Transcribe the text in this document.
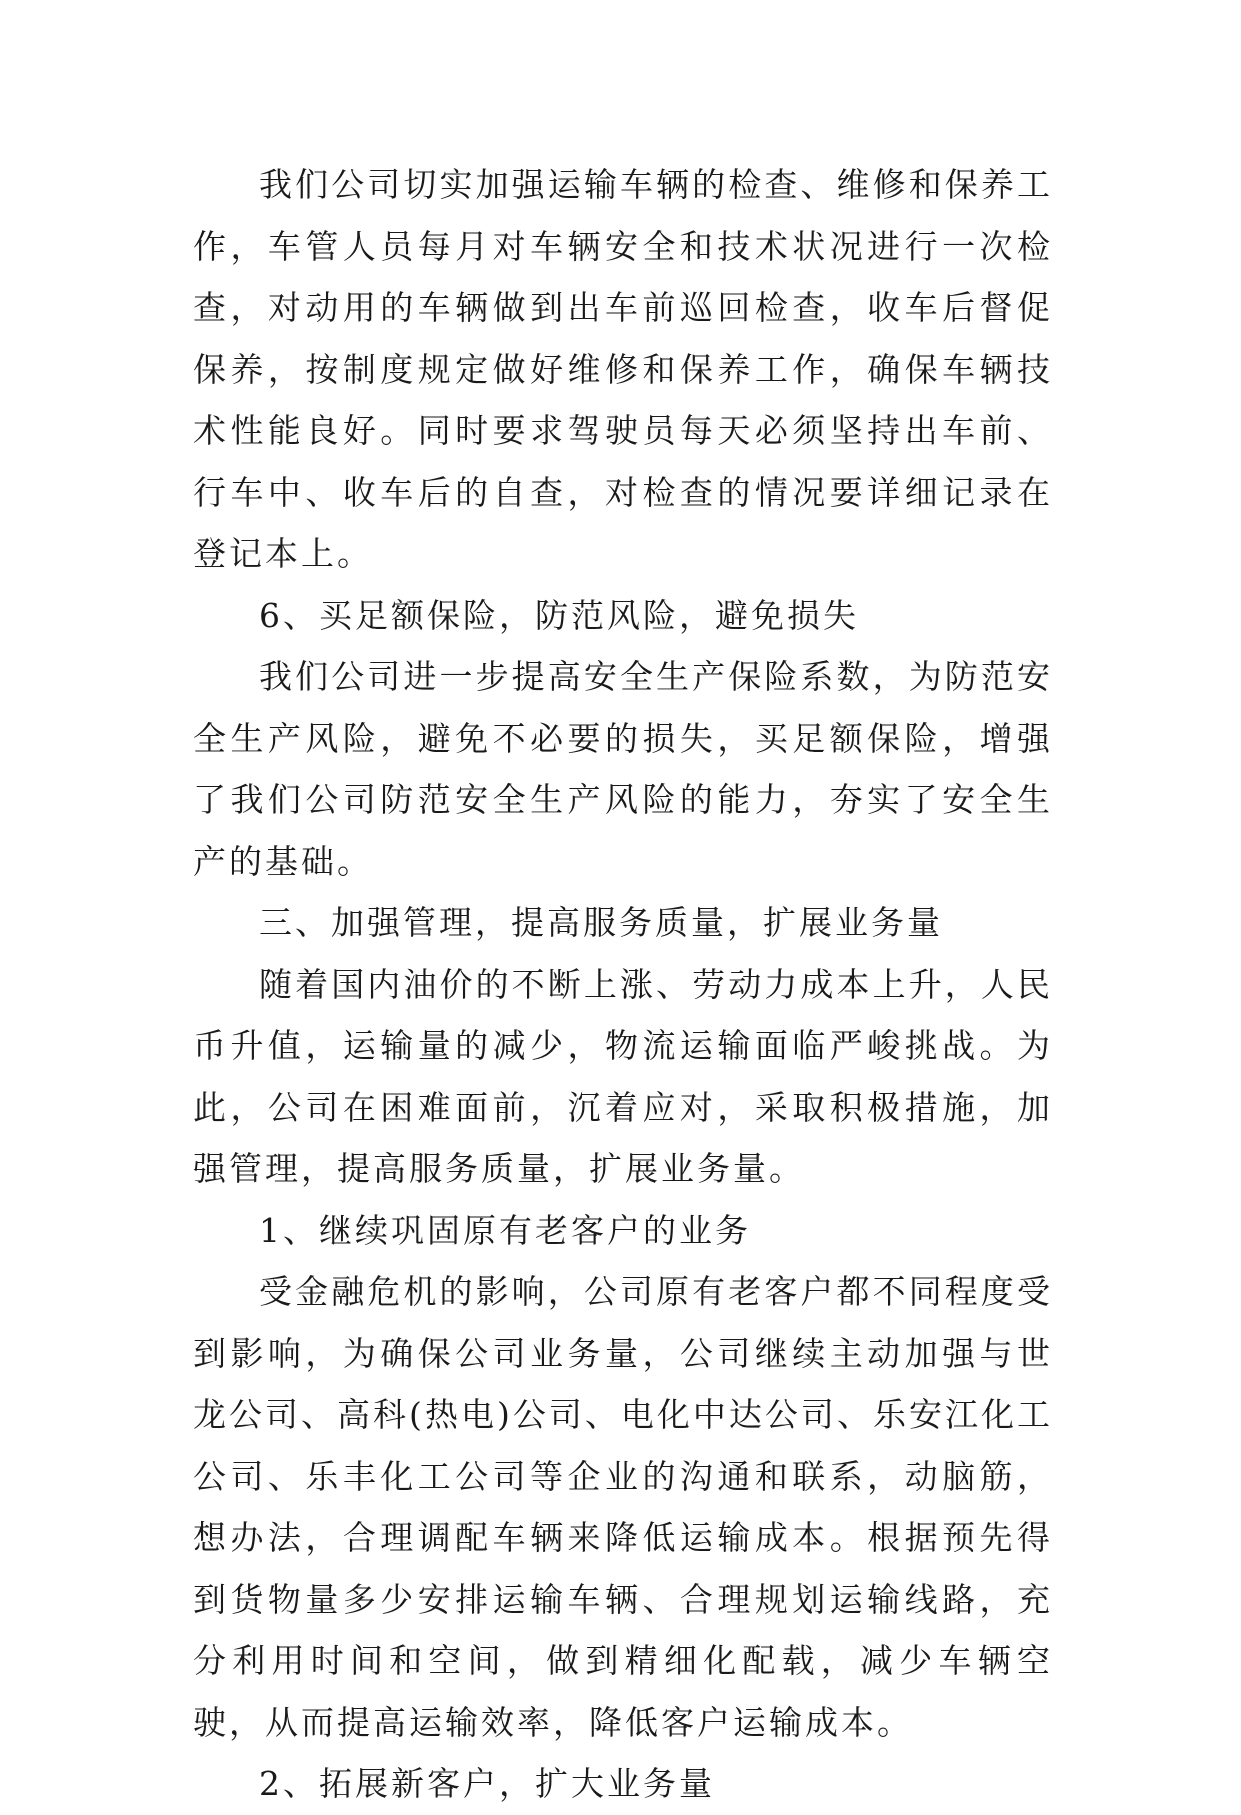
我们公司切实加强运输车辆的检查、维修和保养工作，车管人员每月对车辆安全和技术状况进行一次检查，对动用的车辆做到出车前巡回检查，收车后督促保养，按制度规定做好维修和保养工作，确保车辆技术性能良好。同时要求驾驶员每天必须坚持出车前、行车中、收车后的自查，对检查的情况要详细记录在登记本上。

6、买足额保险，防范风险，避免损失

我们公司进一步提高安全生产保险系数，为防范安全生产风险，避免不必要的损失，买足额保险，增强了我们公司防范安全生产风险的能力，夯实了安全生产的基础。

三、加强管理，提高服务质量，扩展业务量

随着国内油价的不断上涨、劳动力成本上升，人民币升值，运输量的减少，物流运输面临严峻挑战。为此，公司在困难面前，沉着应对，采取积极措施，加强管理，提高服务质量，扩展业务量。

1、继续巩固原有老客户的业务

受金融危机的影响，公司原有老客户都不同程度受到影响，为确保公司业务量，公司继续主动加强与世龙公司、高科(热电)公司、电化中达公司、乐安江化工公司、乐丰化工公司等企业的沟通和联系，动脑筋，想办法，合理调配车辆来降低运输成本。根据预先得到货物量多少安排运输车辆、合理规划运输线路，充分利用时间和空间，做到精细化配载，减少车辆空驶，从而提高运输效率，降低客户运输成本。

2、拓展新客户，扩大业务量
